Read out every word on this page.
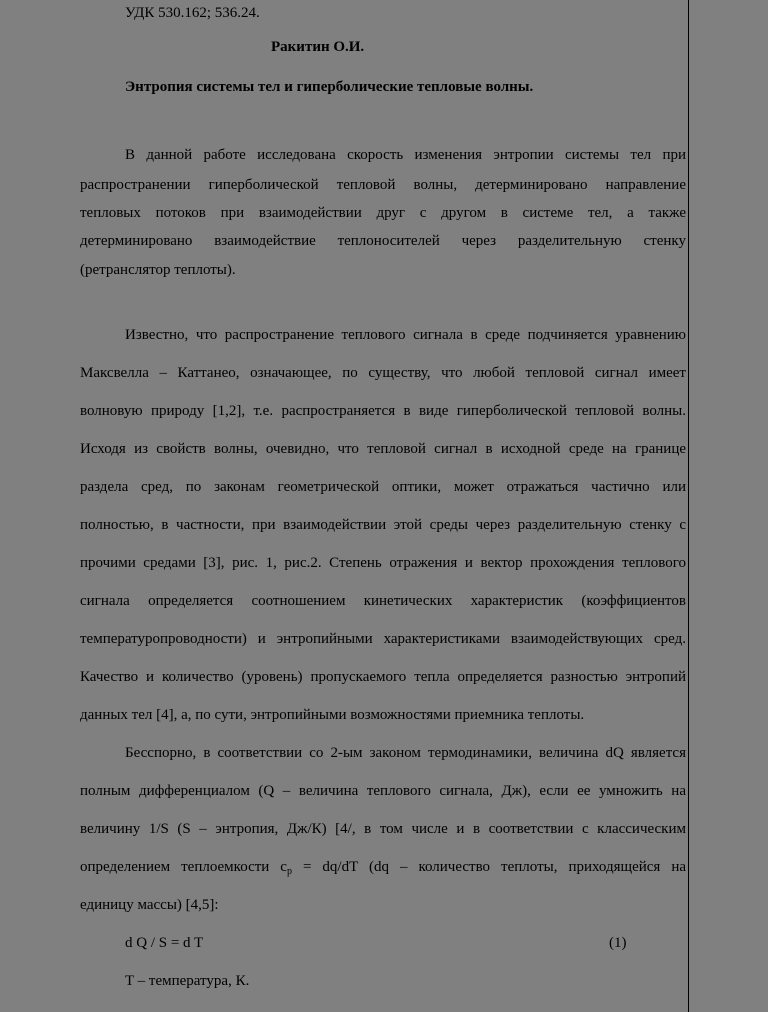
УДК 530.162; 536.24.
Ракитин О.И.
Энтропия системы тел и гиперболические тепловые волны.
В данной работе исследована скорость изменения энтропии системы тел при
распространении гиперболической тепловой волны, детерминировано направление
тепловых потоков при взаимодействии друг с другом в системе тел, а также
детерминировано взаимодействие теплоносителей через разделительную стенку
(ретранслятор теплоты).
Известно, что распространение теплового сигнала в среде подчиняется уравнению
Максвелла – Каттанео, означающее, по существу, что любой тепловой сигнал имеет
волновую природу [1,2], т.е. распространяется в виде гиперболической тепловой волны.
Исходя из свойств волны, очевидно, что тепловой сигнал в исходной среде на границе
раздела сред, по законам геометрической оптики, может отражаться частично или
полностью, в частности, при взаимодействии этой среды через разделительную стенку с
прочими средами [3], рис. 1, рис.2. Степень отражения и вектор прохождения теплового
сигнала определяется соотношением кинетических характеристик (коэффициентов
температуропроводности) и энтропийными характеристиками взаимодействующих сред.
Качество и количество (уровень) пропускаемого тепла определяется разностью энтропий
данных тел [4], а, по сути, энтропийными возможностями приемника теплоты.
Бесспорно, в соответствии со 2-ым законом термодинамики, величина dQ является
полным дифференциалом (Q – величина теплового сигнала, Дж), если ее умножить на
величину 1/S (S – энтропия, Дж/К) [4/, в том числе и в соответствии с классическим
определением теплоемкости $c_p = dq/dT$ (dq – количество теплоты, приходящейся на
единицу массы) [4,5]:
d Q / S = d T	(1)
T – температура, К.
